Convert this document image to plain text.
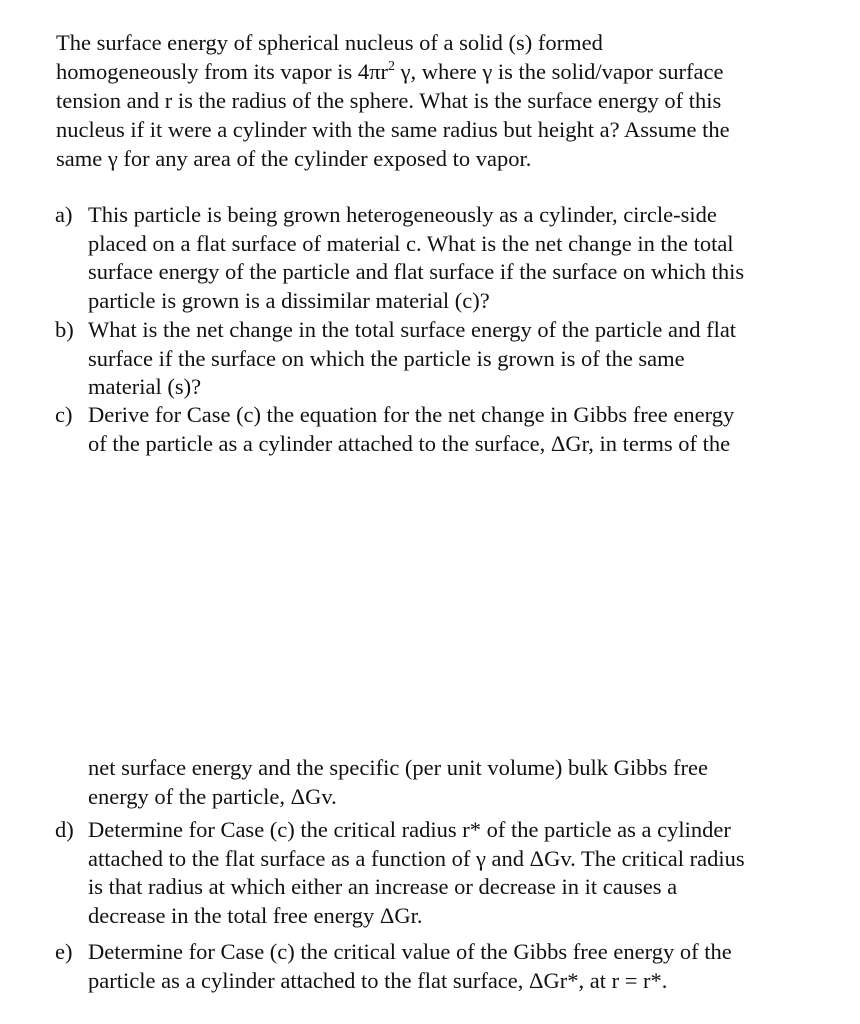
The surface energy of spherical nucleus of a solid (s) formed
homogeneously from its vapor is $4\pi r^2$ γ, where γ is the solid/vapor surface
tension and r is the radius of the sphere. What is the surface energy of this
nucleus if it were a cylinder with the same radius but height a? Assume the
same γ for any area of the cylinder exposed to vapor.
a) This particle is being grown heterogeneously as a cylinder, circle-side
placed on a flat surface of material c. What is the net change in the total
surface energy of the particle and flat surface if the surface on which this
particle is grown is a dissimilar material (c)?
b) What is the net change in the total surface energy of the particle and flat
surface if the surface on which the particle is grown is of the same
material (s)?
c) Derive for Case (c) the equation for the net change in Gibbs free energy
of the particle as a cylinder attached to the surface, ΔGr, in terms of the
net surface energy and the specific (per unit volume) bulk Gibbs free
energy of the particle, ΔGv.
d) Determine for Case (c) the critical radius r* of the particle as a cylinder
attached to the flat surface as a function of γ and ΔGv. The critical radius
is that radius at which either an increase or decrease in it causes a
decrease in the total free energy ΔGr.
e) Determine for Case (c) the critical value of the Gibbs free energy of the
particle as a cylinder attached to the flat surface, ΔGr*, at r = r*.
